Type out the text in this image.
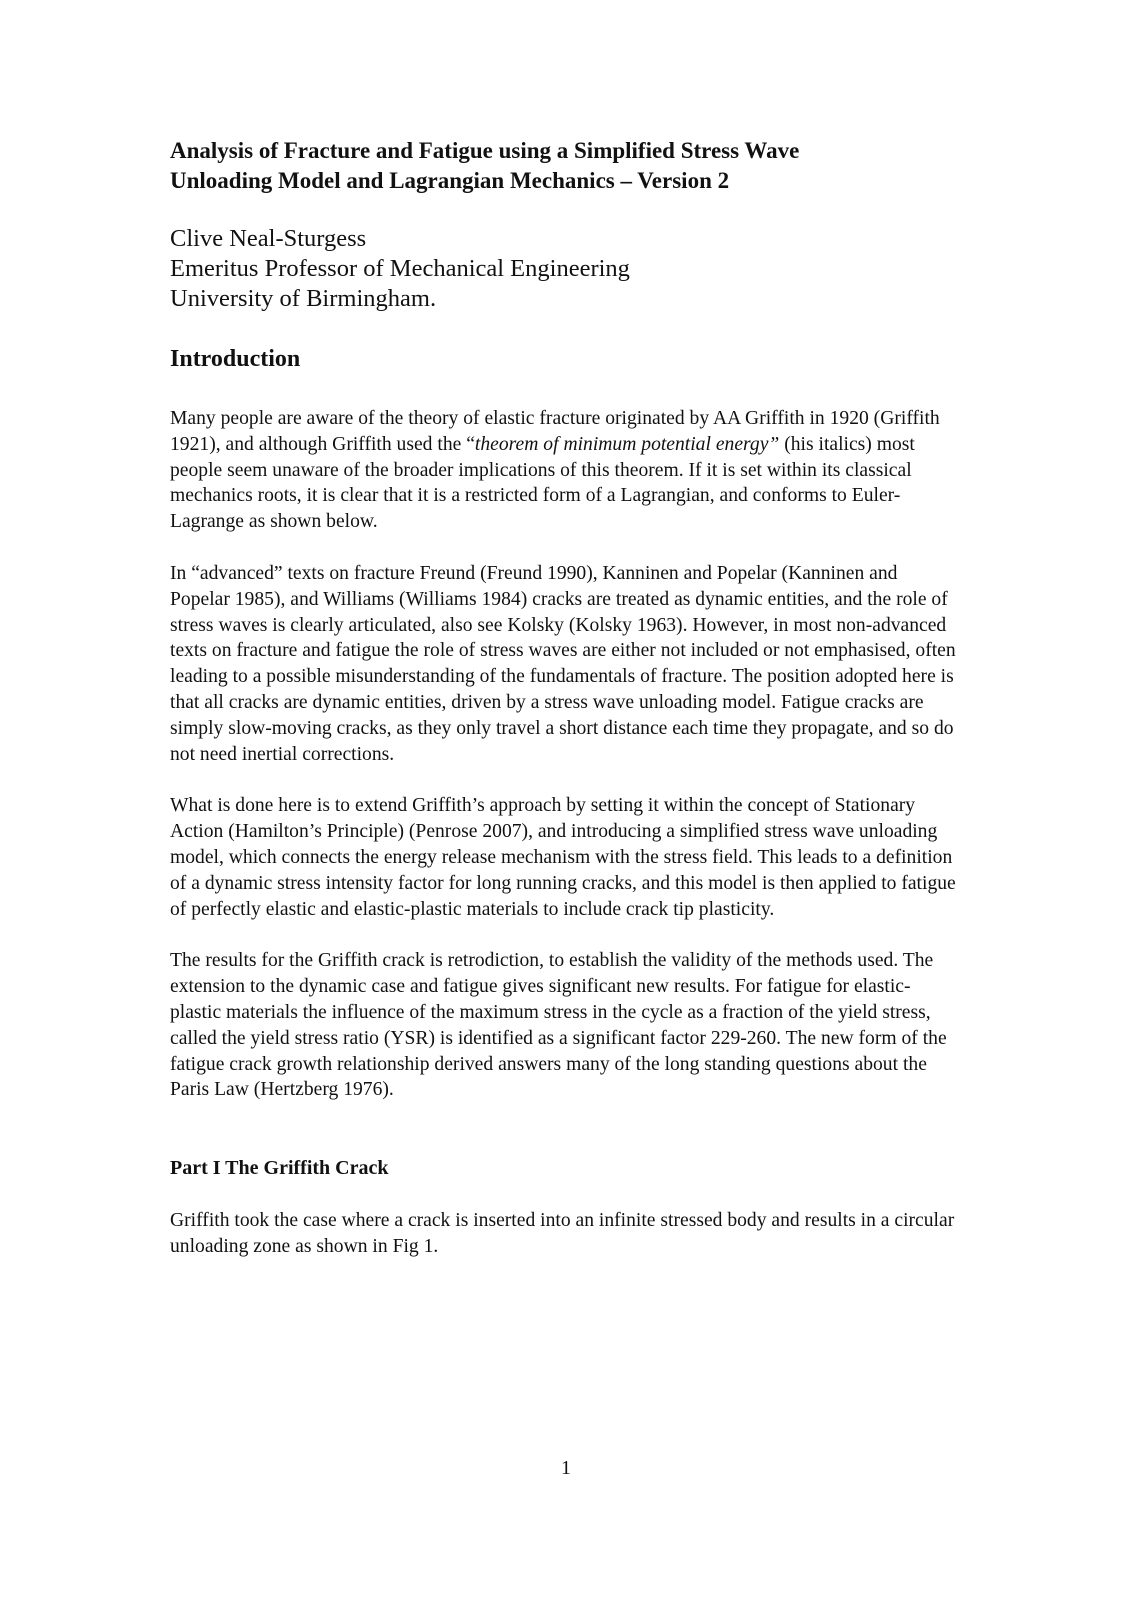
Analysis of Fracture and Fatigue using a Simplified Stress Wave
Unloading Model and Lagrangian Mechanics – Version 2
Clive Neal-Sturgess
Emeritus Professor of Mechanical Engineering
University of Birmingham.
Introduction

Many people are aware of the theory of elastic fracture originated by AA Griffith in 1920 (Griffith 1921), and although Griffith used the “theorem of minimum potential energy” (his italics) most people seem unaware of the broader implications of this theorem. If it is set within its classical mechanics roots, it is clear that it is a restricted form of a Lagrangian, and conforms to Euler-Lagrange as shown below.

In “advanced” texts on fracture Freund (Freund 1990), Kanninen and Popelar (Kanninen and Popelar 1985), and Williams (Williams 1984) cracks are treated as dynamic entities, and the role of stress waves is clearly articulated, also see Kolsky (Kolsky 1963). However, in most non-advanced texts on fracture and fatigue the role of stress waves are either not included or not emphasised, often leading to a possible misunderstanding of the fundamentals of fracture. The position adopted here is that all cracks are dynamic entities, driven by a stress wave unloading model. Fatigue cracks are simply slow-moving cracks, as they only travel a short distance each time they propagate, and so do not need inertial corrections.

What is done here is to extend Griffith’s approach by setting it within the concept of Stationary Action (Hamilton’s Principle) (Penrose 2007), and introducing a simplified stress wave unloading model, which connects the energy release mechanism with the stress field. This leads to a definition of a dynamic stress intensity factor for long running cracks, and this model is then applied to fatigue of perfectly elastic and elastic-plastic materials to include crack tip plasticity.

The results for the Griffith crack is retrodiction, to establish the validity of the methods used. The extension to the dynamic case and fatigue gives significant new results. For fatigue for elastic-plastic materials the influence of the maximum stress in the cycle as a fraction of the yield stress, called the yield stress ratio (YSR) is identified as a significant factor 229-260. The new form of the fatigue crack growth relationship derived answers many of the long standing questions about the Paris Law (Hertzberg 1976).

Part I The Griffith Crack

Griffith took the case where a crack is inserted into an infinite stressed body and results in a circular unloading zone as shown in Fig 1.

1
